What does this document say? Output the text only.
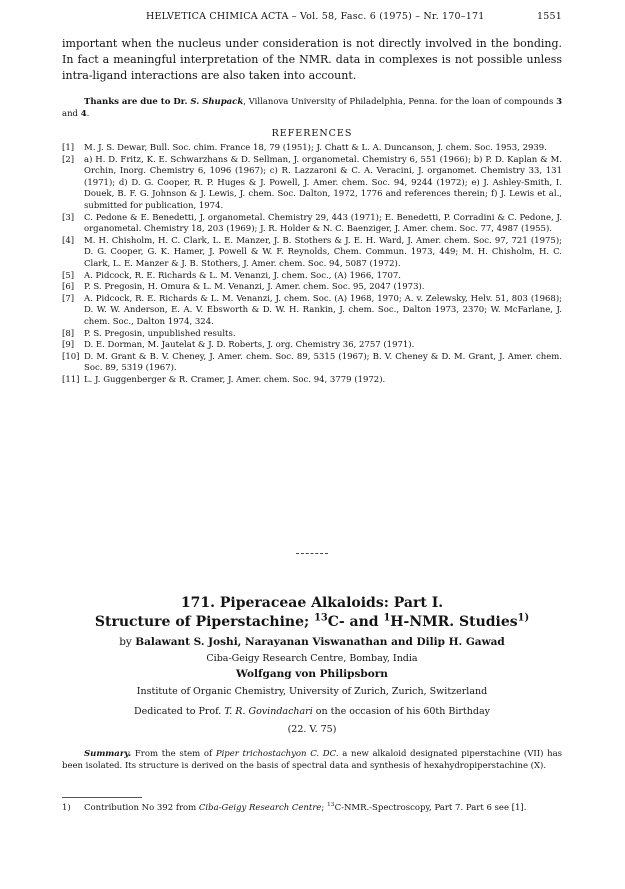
HELVETICA CHIMICA ACTA – Vol. 58, Fasc. 6 (1975) – Nr. 170–171	1551
important when the nucleus under consideration is not directly involved in the bonding. In fact a meaningful interpretation of the NMR. data in complexes is not possible unless intra-ligand interactions are also taken into account.

Thanks are due to Dr. S. Shupack, Villanova University of Philadelphia, Penna. for the loan of compounds 3 and 4.

REFERENCES

[1] M. J. S. Dewar, Bull. Soc. chim. France 18, 79 (1951); J. Chatt & L. A. Duncanson, J. chem. Soc. 1953, 2939.

[2] a) H. D. Fritz, K. E. Schwarzhans & D. Sellman, J. organometal. Chemistry 6, 551 (1966); b) P. D. Kaplan & M. Orchin, Inorg. Chemistry 6, 1096 (1967); c) R. Lazzaroni & C. A. Veracini, J. organomet. Chemistry 33, 131 (1971); d) D. G. Cooper, R. P. Huges & J. Powell, J. Amer. chem. Soc. 94, 9244 (1972); e) J. Ashley-Smith, I. Douek, B. F. G. Johnson & J. Lewis, J. chem. Soc. Dalton, 1972, 1776 and references therein; f) J. Lewis et al., submitted for publication, 1974.

[3] C. Pedone & E. Benedetti, J. organometal. Chemistry 29, 443 (1971); E. Benedetti, P. Corradini & C. Pedone, J. organometal. Chemistry 18, 203 (1969); J. R. Holder & N. C. Baenziger, J. Amer. chem. Soc. 77, 4987 (1955).

[4] M. H. Chisholm, H. C. Clark, L. E. Manzer, J. B. Stothers & J. E. H. Ward, J. Amer. chem. Soc. 97, 721 (1975); D. G. Cooper, G. K. Hamer, J. Powell & W. F. Reynolds, Chem. Commun. 1973, 449; M. H. Chisholm, H. C. Clark, L. E. Manzer & J. B. Stothers, J. Amer. chem. Soc. 94, 5087 (1972).

[5] A. Pidcock, R. E. Richards & L. M. Venanzi, J. chem. Soc., (A) 1966, 1707.

[6] P. S. Pregosin, H. Omura & L. M. Venanzi, J. Amer. chem. Soc. 95, 2047 (1973).

[7] A. Pidcock, R. E. Richards & L. M. Venanzi, J. chem. Soc. (A) 1968, 1970; A. v. Zelewsky, Helv. 51, 803 (1968); D. W. W. Anderson, E. A. V. Ebsworth & D. W. H. Rankin, J. chem. Soc., Dalton 1973, 2370; W. McFarlane, J. chem. Soc., Dalton 1974, 324.

[8] P. S. Pregosin, unpublished results.

[9] D. E. Dorman, M. Jautelat & J. D. Roberts, J. org. Chemistry 36, 2757 (1971).

[10] D. M. Grant & B. V. Cheney, J. Amer. chem. Soc. 89, 5315 (1967); B. V. Cheney & D. M. Grant, J. Amer. chem. Soc. 89, 5319 (1967).

[11] L. J. Guggenberger & R. Cramer, J. Amer. chem. Soc. 94, 3779 (1972).

171. Piperaceae Alkaloids: Part I.
Structure of Piperstachine; $^{13}$C- and $^1$H-NMR. Studies$^{1)}$
by Balawant S. Joshi, Narayanan Viswanathan and Dilip H. Gawad
Ciba-Geigy Research Centre, Bombay, India
Wolfgang von Philipsborn
Institute of Organic Chemistry, University of Zurich, Zurich, Switzerland
Dedicated to Prof. T. R. Govindachari on the occasion of his 60th Birthday
(22. V. 75)

Summary. From the stem of Piper trichostachyon C. DC. a new alkaloid designated piperstachine (VII) has been isolated. Its structure is derived on the basis of spectral data and synthesis of hexahydropiperstachine (X).

1)	Contribution No 392 from Ciba-Geigy Research Centre; $^{13}$C-NMR.-Spectroscopy, Part 7. Part 6 see [1].
